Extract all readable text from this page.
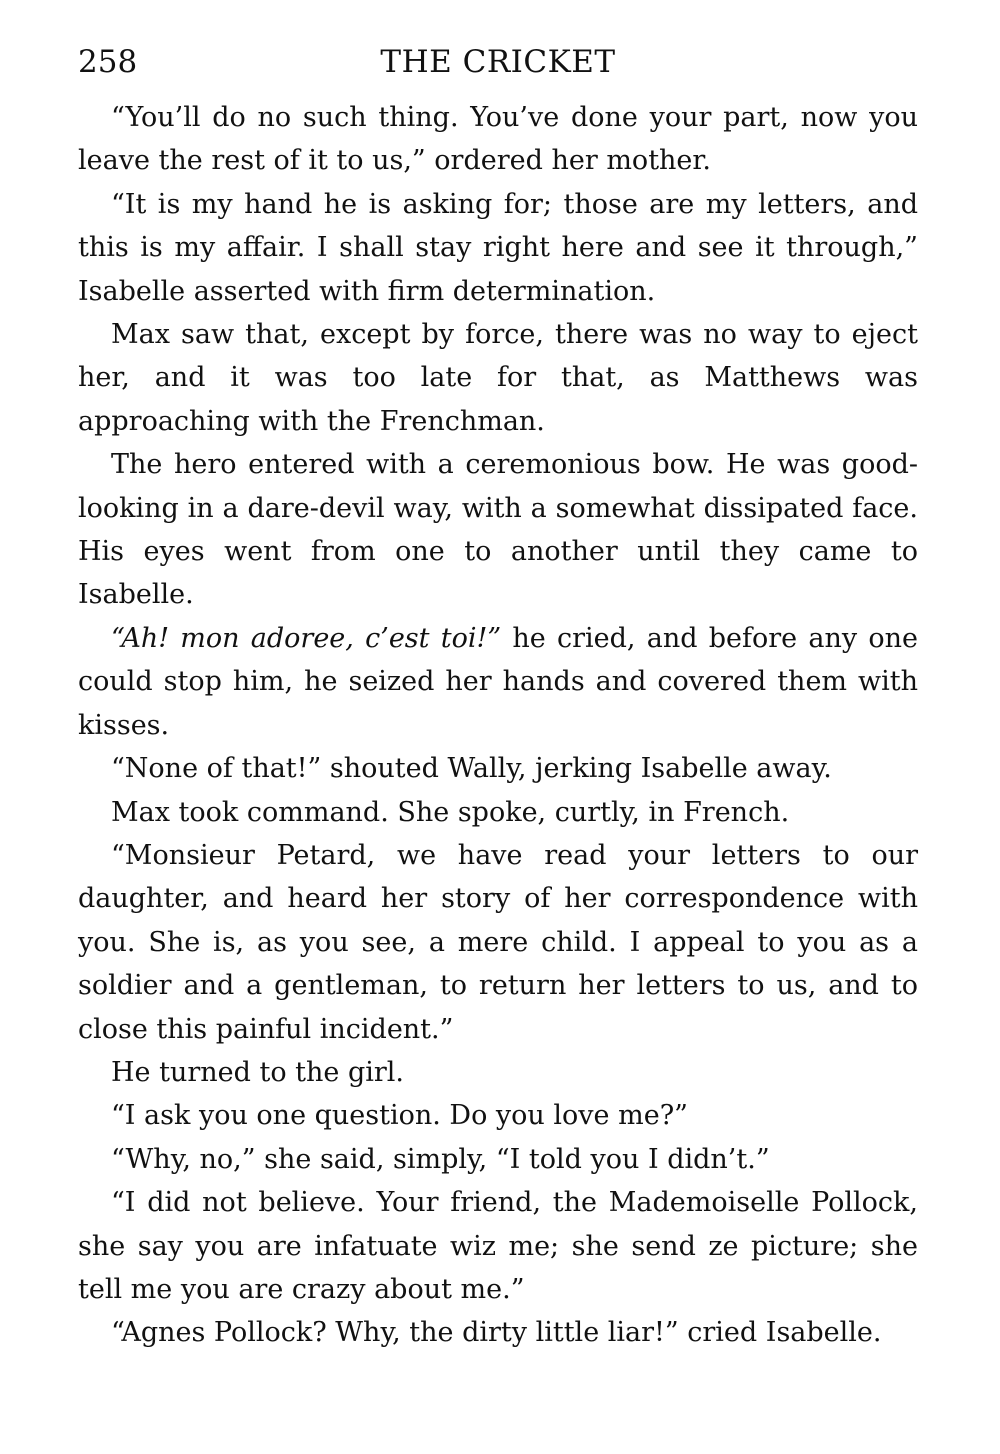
258	THE CRICKET

“You’ll do no such thing. You’ve done your part, now you leave the rest of it to us,” ordered her mother.

“It is my hand he is asking for; those are my letters, and this is my affair. I shall stay right here and see it through,” Isabelle asserted with firm determination.

Max saw that, except by force, there was no way to eject her, and it was too late for that, as Matthews was approaching with the Frenchman.

The hero entered with a ceremonious bow. He was good-looking in a dare-devil way, with a somewhat dissipated face. His eyes went from one to another until they came to Isabelle.

“Ah! mon adoree, c’est toi!” he cried, and before any one could stop him, he seized her hands and covered them with kisses.

“None of that!” shouted Wally, jerking Isabelle away.

Max took command. She spoke, curtly, in French.

“Monsieur Petard, we have read your letters to our daughter, and heard her story of her correspondence with you. She is, as you see, a mere child. I appeal to you as a soldier and a gentleman, to return her letters to us, and to close this painful incident.”

He turned to the girl.

“I ask you one question. Do you love me?”

“Why, no,” she said, simply, “I told you I didn’t.”

“I did not believe. Your friend, the Mademoiselle Pollock, she say you are infatuate wiz me; she send ze picture; she tell me you are crazy about me.”

“Agnes Pollock? Why, the dirty little liar!” cried Isabelle.
